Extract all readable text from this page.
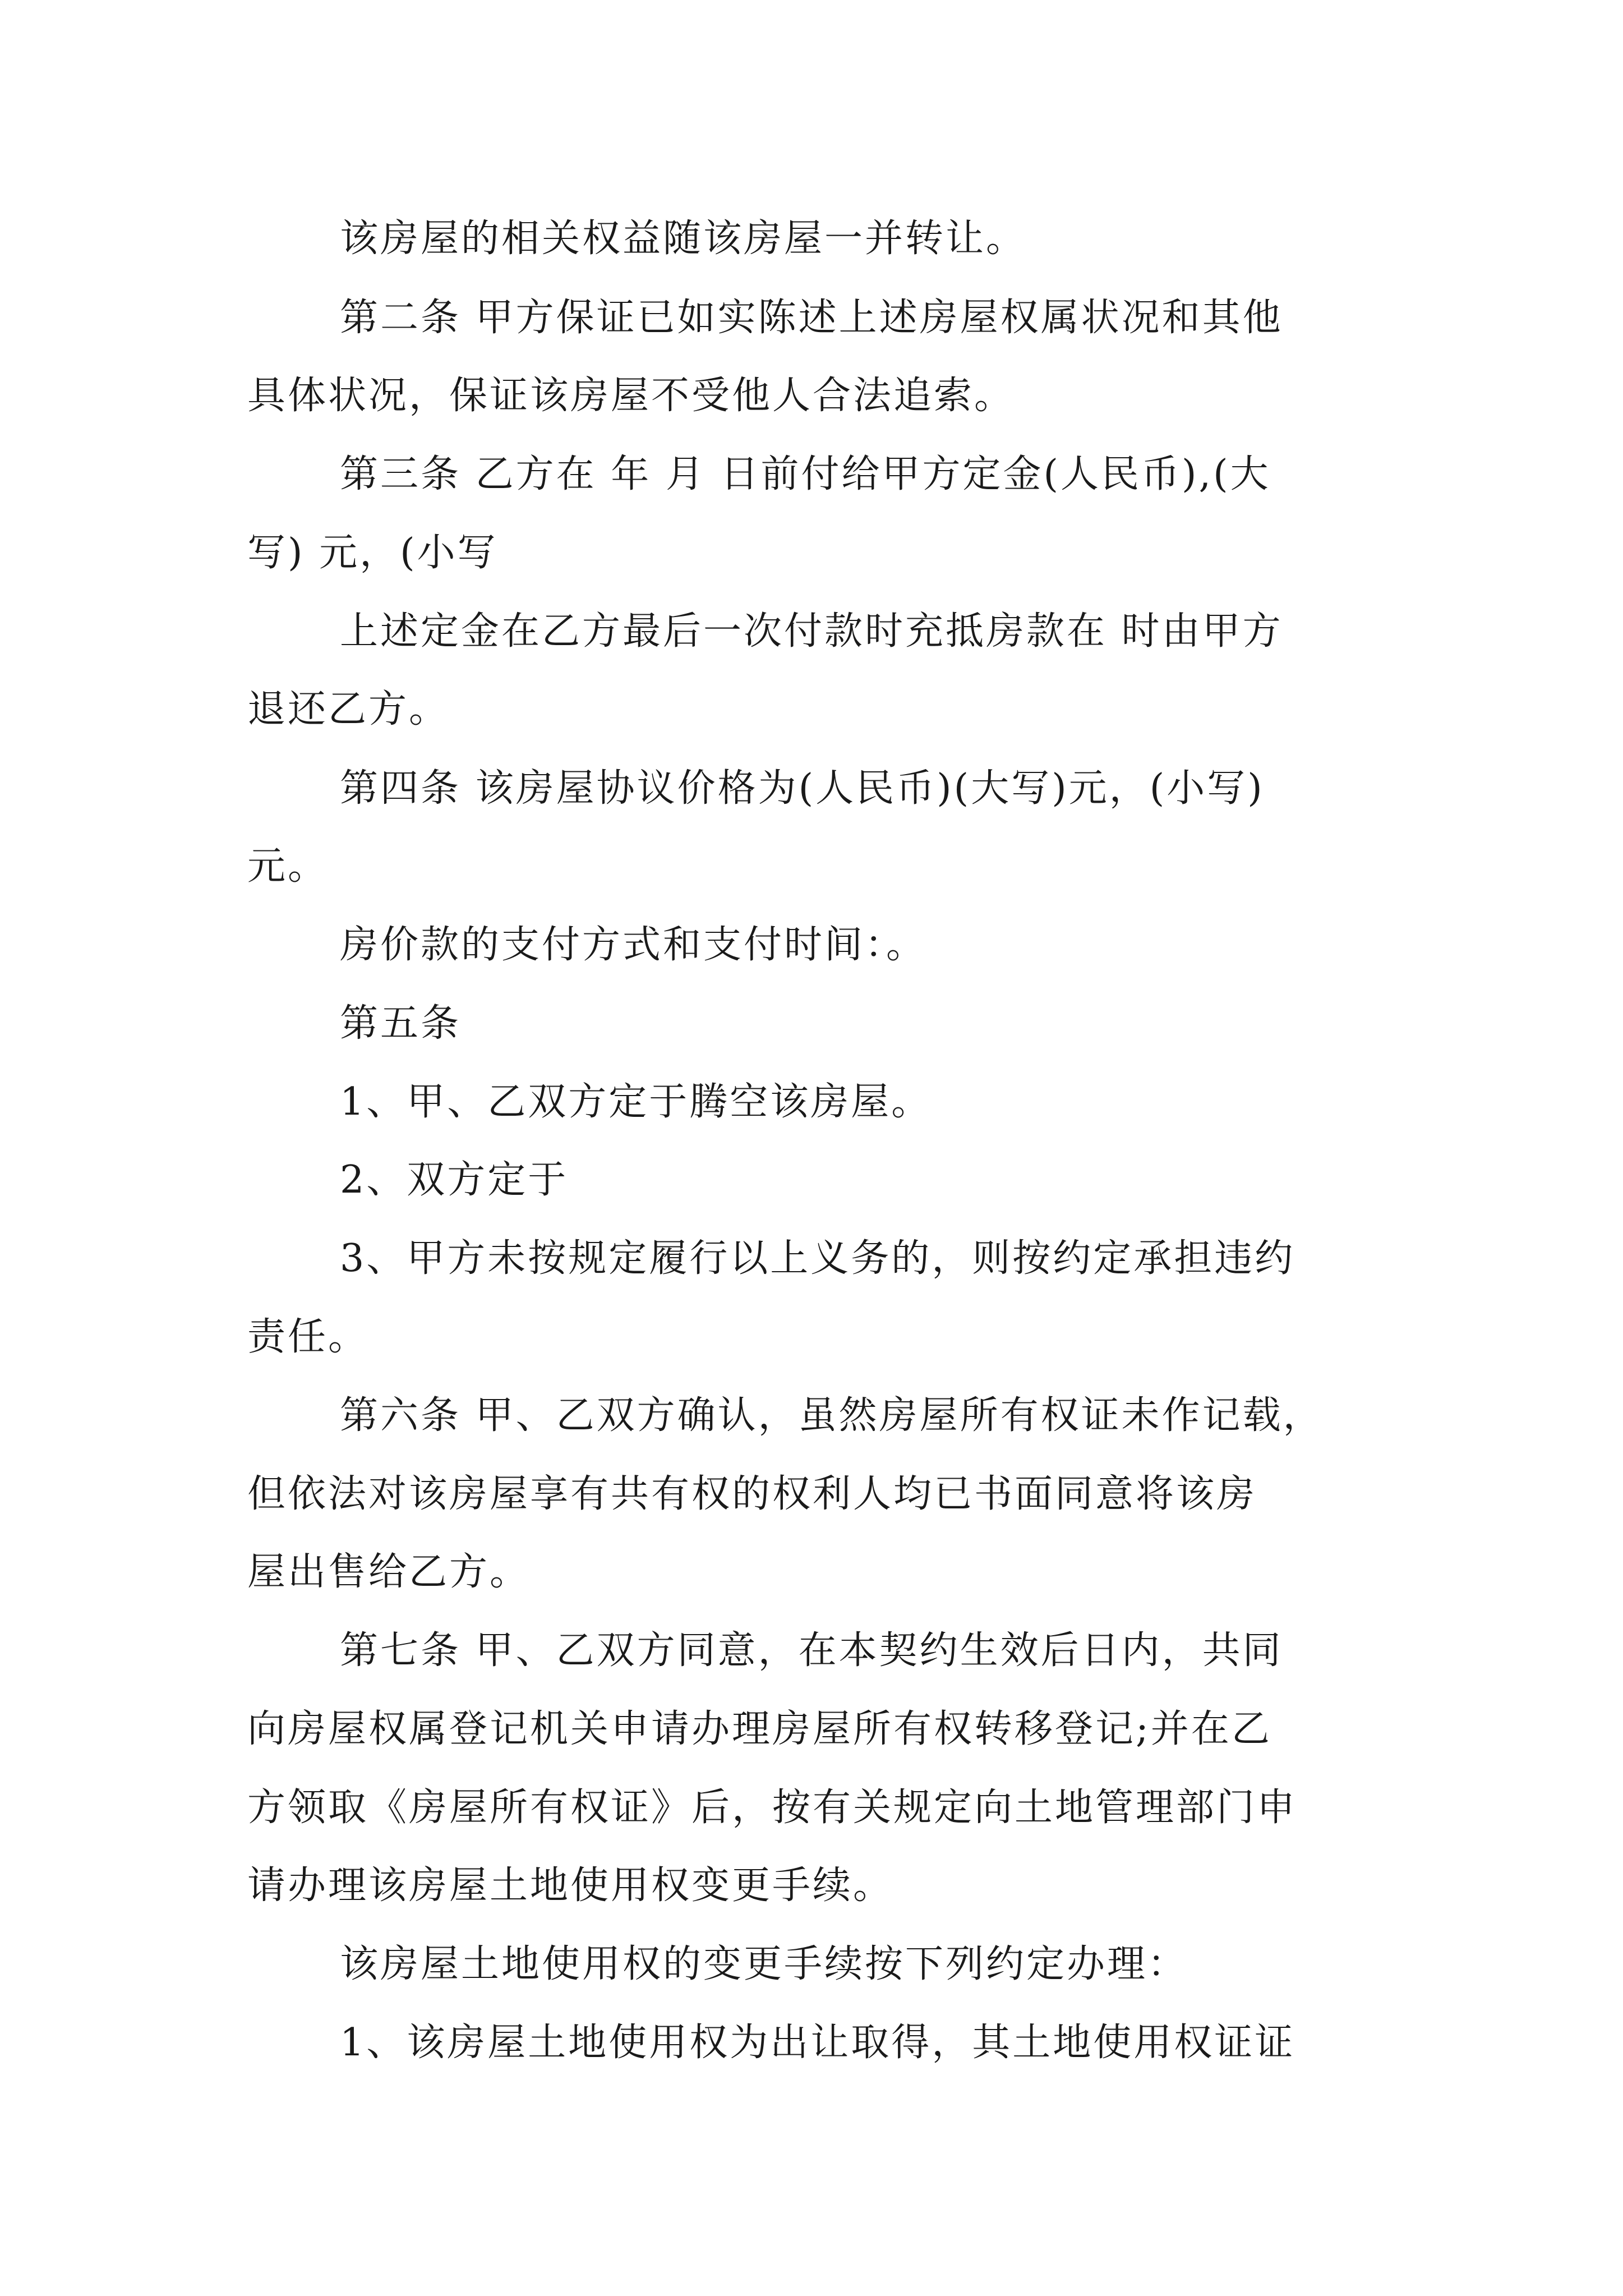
该房屋的相关权益随该房屋一并转让。
第二条 甲方保证已如实陈述上述房屋权属状况和其他
具体状况，保证该房屋不受他人合法追索。
第三条 乙方在 年 月 日前付给甲方定金(人民币),(大
写) 元，(小写
上述定金在乙方最后一次付款时充抵房款在 时由甲方
退还乙方。
第四条 该房屋协议价格为(人民币)(大写)元，(小写)
元。
房价款的支付方式和支付时间：。
第五条
1、甲、乙双方定于腾空该房屋。
2、双方定于
3、甲方未按规定履行以上义务的，则按约定承担违约
责任。
第六条 甲、乙双方确认，虽然房屋所有权证未作记载，
但依法对该房屋享有共有权的权利人均已书面同意将该房
屋出售给乙方。
第七条 甲、乙双方同意，在本契约生效后日内，共同
向房屋权属登记机关申请办理房屋所有权转移登记;并在乙
方领取《房屋所有权证》后，按有关规定向土地管理部门申
请办理该房屋土地使用权变更手续。
该房屋土地使用权的变更手续按下列约定办理：
1、该房屋土地使用权为出让取得，其土地使用权证证
